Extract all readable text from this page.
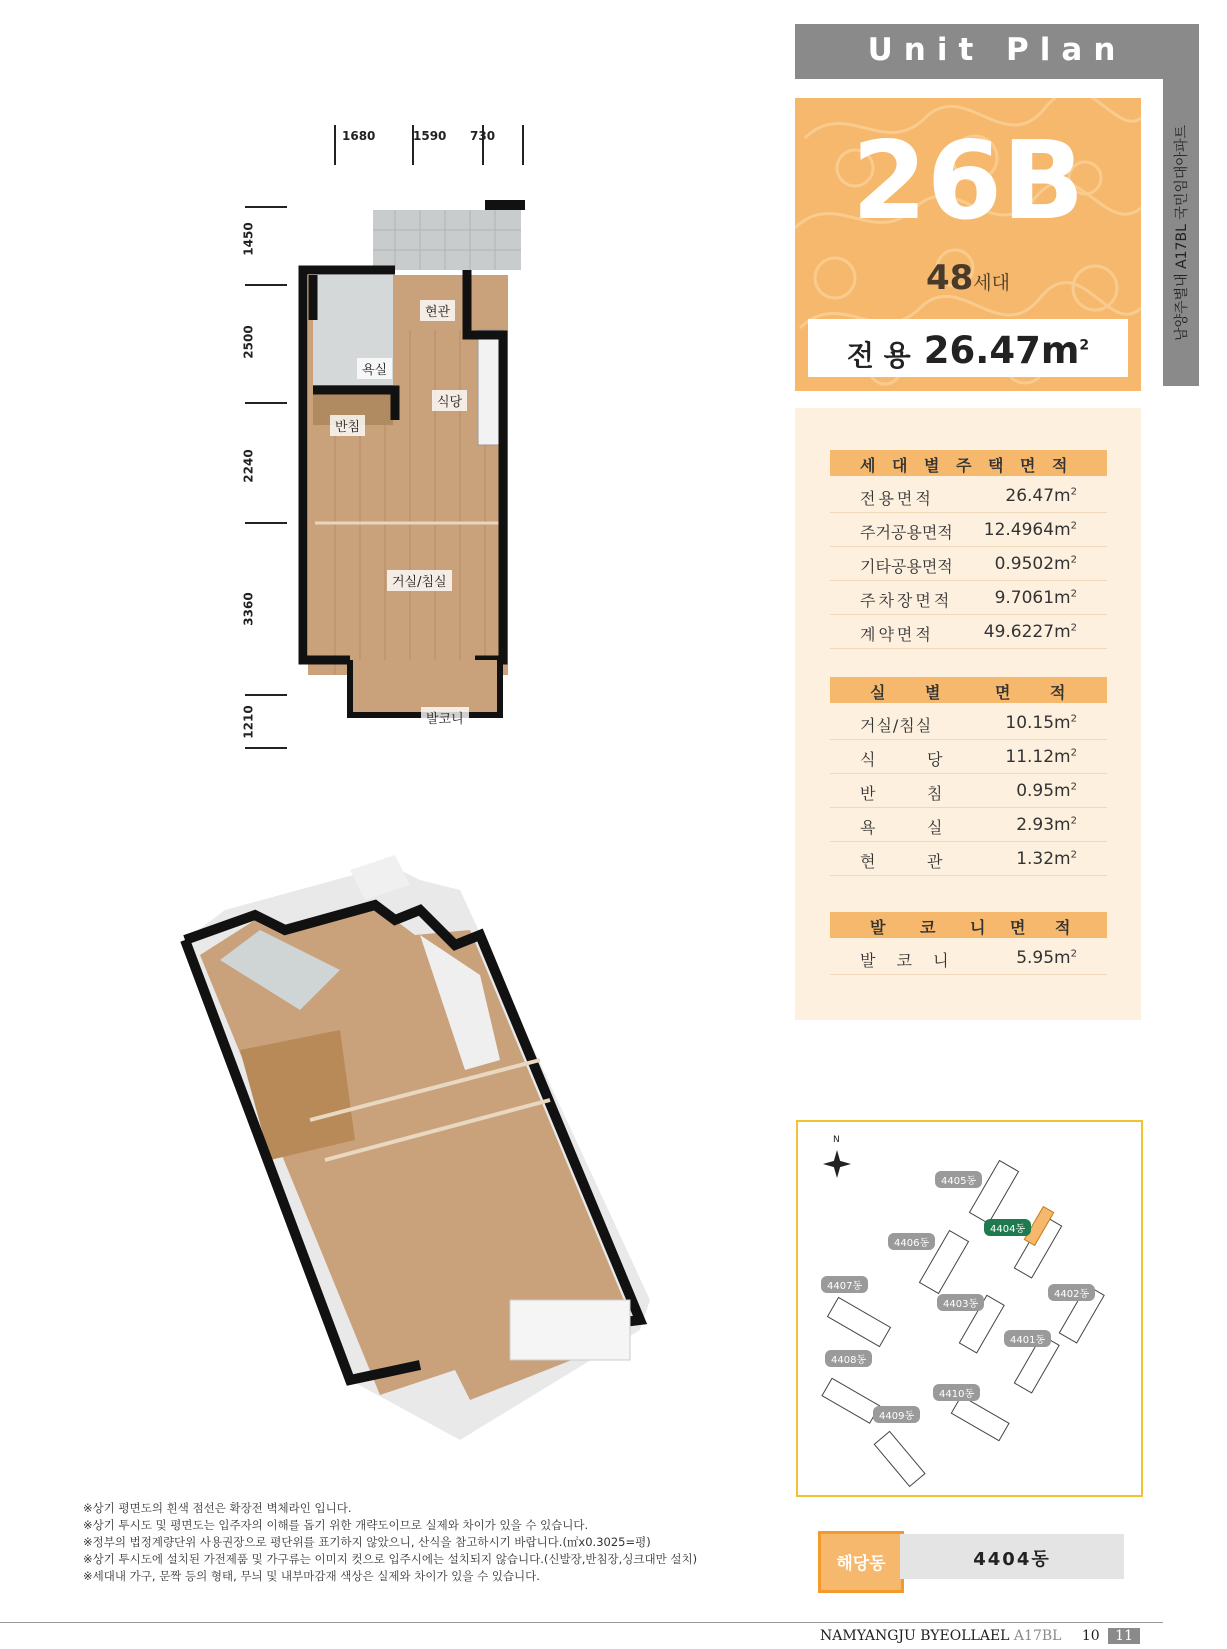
Unit Plan
남양주별내 A17BL 국민임대아파트
26B
48세대
전 용 $26.47m^2$
세 대 별 주 택 면 적
전용면적	$26.47m^2$
주거공용면적 $12.4964m^2$
기타공용면적 $0.9502m^2$
주차장면적 $9.7061m^2$
계약면적	$49.6227m^2$
실 별	면 적
거실/침실	$10.15m^2$
식      당	$11.12m^2$
반      침	$0.95m^2$
욕      실	$2.93m^2$
현      관	$1.32m^2$
발 코 니 면 적
발 코 니	$5.95m^2$
1680	1590 730
1450
2500
2240
3360
1210
현관
욕실
식당
반침
거실/침실
발코니
N
4405동
4404동
4406동
4407동
4403동
4402동
4401동
4408동
4410동
4409동
해당동	4404동
※상기 평면도의 흰색 점선은 확장전 벽체라인 입니다.
※상기 투시도 및 평면도는 입주자의 이해를 돕기 위한 개략도이므로 실제와 차이가 있을 수 있습니다.
※정부의 법정계량단위 사용권장으로 평단위를 표기하지 않았으니, 산식을 참고하시기 바랍니다.(㎡x0.3025=평)
※상기 투시도에 설치된 가전제품 및 가구류는 이미지 컷으로 입주시에는 설치되지 않습니다.(신발장,반침장,싱크대만 설치)
※세대내 가구, 문짝 등의 형태, 무늬 및 내부마감재 색상은 실제와 차이가 있을 수 있습니다.
NAMYANGJU BYEOLLAEL A17BL 10 11
